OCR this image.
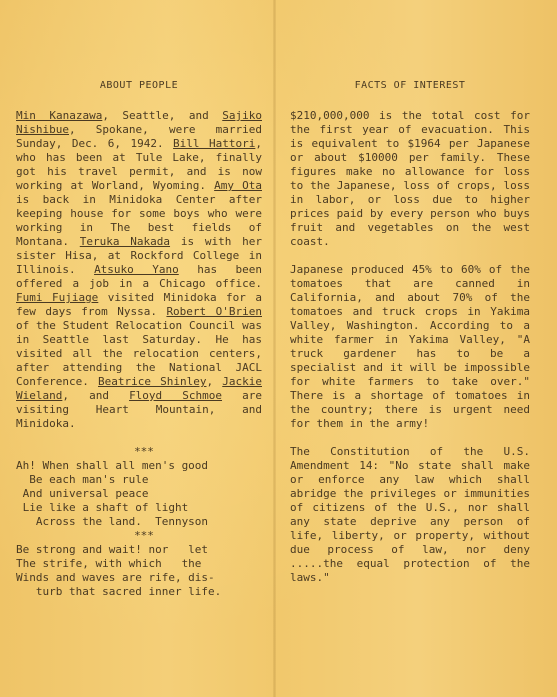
ABOUT PEOPLE

Min Kanazawa, Seattle, and Sajiko Nishibue, Spokane, were married Sunday, Dec. 6, 1942. Bill Hattori, who has been at Tule Lake, finally got his travel permit, and is now working at Worland, Wyoming. Amy Ota is back in Minidoka Center after keeping house for some boys who were working in The best fields of Montana. Teruka Nakada is with her sister Hisa, at Rockford College in Illinois. Atsuko Yano has been offered a job in a Chicago office. Fumi Fujiage visited Minidoka for a few days from Nyssa. Robert O'Brien of the Student Relocation Council was in Seattle last Saturday. He has visited all the relocation centers, after attending the National JACL Conference. Beatrice Shinley, Jackie Wieland, and Floyd Schmoe are visiting Heart Mountain, and Minidoka.

***

Ah! When shall all men's good
Be each man's rule
And universal peace
Lie like a shaft of light
Across the land.  Tennyson

***

Be strong and wait! nor   let
The strife, with which   the
Winds and waves are rife, dis-
turb that sacred inner life.

FACTS OF INTEREST

$210,000,000 is the total cost for the first year of evacuation. This is equivalent to $1964 per Japanese or about $10000 per family. These figures make no allowance for loss to the Japanese, loss of crops, loss in labor, or loss due to higher prices paid by every person who buys fruit and vegetables on the west coast.

Japanese produced 45% to 60% of the tomatoes that are canned in California, and about 70% of the tomatoes and truck crops in Yakima Valley, Washington. According to a white farmer in Yakima Valley, "A truck gardener has to be a specialist and it will be impossible for white farmers to take over." There is a shortage of tomatoes in the country; there is urgent need for them in the army!

The Constitution of the U.S. Amendment 14: "No state shall make or enforce any law which shall abridge the privileges or immunities of citizens of the U.S., nor shall any state deprive any person of life, liberty, or property, without due process of law, nor deny .....the equal protection of the laws."
